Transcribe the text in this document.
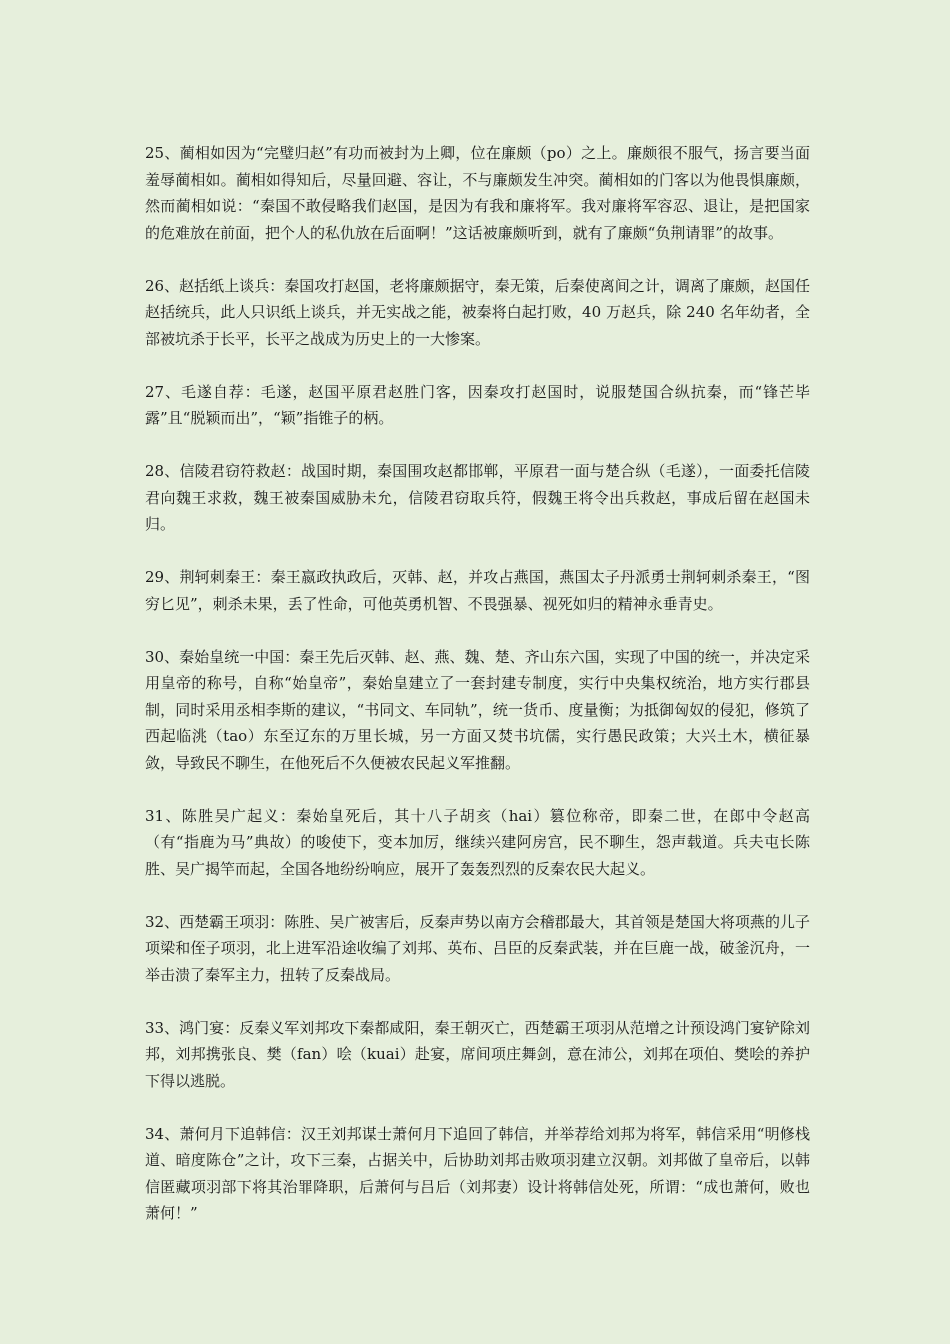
25、蔺相如因为“完璧归赵”有功而被封为上卿，位在廉颇（po）之上。廉颇很不服气，扬言要当面羞辱蔺相如。蔺相如得知后，尽量回避、容让，不与廉颇发生冲突。蔺相如的门客以为他畏惧廉颇，然而蔺相如说：“秦国不敢侵略我们赵国，是因为有我和廉将军。我对廉将军容忍、退让，是把国家的危难放在前面，把个人的私仇放在后面啊！”这话被廉颇听到，就有了廉颇“负荆请罪”的故事。

26、赵括纸上谈兵：秦国攻打赵国，老将廉颇据守，秦无策，后秦使离间之计，调离了廉颇，赵国任赵括统兵，此人只识纸上谈兵，并无实战之能，被秦将白起打败，40 万赵兵，除 240 名年幼者，全部被坑杀于长平，长平之战成为历史上的一大惨案。

27、毛遂自荐：毛遂，赵国平原君赵胜门客，因秦攻打赵国时，说服楚国合纵抗秦，而“锋芒毕露”且“脱颖而出”，“颖”指锥子的柄。

28、信陵君窃符救赵：战国时期，秦国围攻赵都邯郸，平原君一面与楚合纵（毛遂），一面委托信陵君向魏王求救，魏王被秦国威胁未允，信陵君窃取兵符，假魏王将令出兵救赵，事成后留在赵国未归。

29、荆轲刺秦王：秦王嬴政执政后，灭韩、赵，并攻占燕国，燕国太子丹派勇士荆轲刺杀秦王，“图穷匕见”，刺杀未果，丢了性命，可他英勇机智、不畏强暴、视死如归的精神永垂青史。

30、秦始皇统一中国：秦王先后灭韩、赵、燕、魏、楚、齐山东六国，实现了中国的统一，并决定采用皇帝的称号，自称“始皇帝”，秦始皇建立了一套封建专制度，实行中央集权统治，地方实行郡县制，同时采用丞相李斯的建议，“书同文、车同轨”，统一货币、度量衡；为抵御匈奴的侵犯，修筑了西起临洮（tao）东至辽东的万里长城，另一方面又焚书坑儒，实行愚民政策；大兴土木，横征暴敛，导致民不聊生，在他死后不久便被农民起义军推翻。

31、陈胜吴广起义：秦始皇死后，其十八子胡亥（hai）篡位称帝，即秦二世，在郎中令赵高（有“指鹿为马”典故）的唆使下，变本加厉，继续兴建阿房宫，民不聊生，怨声载道。兵夫屯长陈胜、吴广揭竿而起，全国各地纷纷响应，展开了轰轰烈烈的反秦农民大起义。

32、西楚霸王项羽：陈胜、吴广被害后，反秦声势以南方会稽郡最大，其首领是楚国大将项燕的儿子项梁和侄子项羽，北上进军沿途收编了刘邦、英布、吕臣的反秦武装，并在巨鹿一战，破釜沉舟，一举击溃了秦军主力，扭转了反秦战局。

33、鸿门宴：反秦义军刘邦攻下秦都咸阳，秦王朝灭亡，西楚霸王项羽从范增之计预设鸿门宴铲除刘邦，刘邦携张良、樊（fan）哙（kuai）赴宴，席间项庄舞剑，意在沛公，刘邦在项伯、樊哙的养护下得以逃脱。

34、萧何月下追韩信：汉王刘邦谋士萧何月下追回了韩信，并举荐给刘邦为将军，韩信采用“明修栈道、暗度陈仓”之计，攻下三秦，占据关中，后协助刘邦击败项羽建立汉朝。刘邦做了皇帝后，以韩信匿藏项羽部下将其治罪降职，后萧何与吕后（刘邦妻）设计将韩信处死，所谓：“成也萧何，败也萧何！”
